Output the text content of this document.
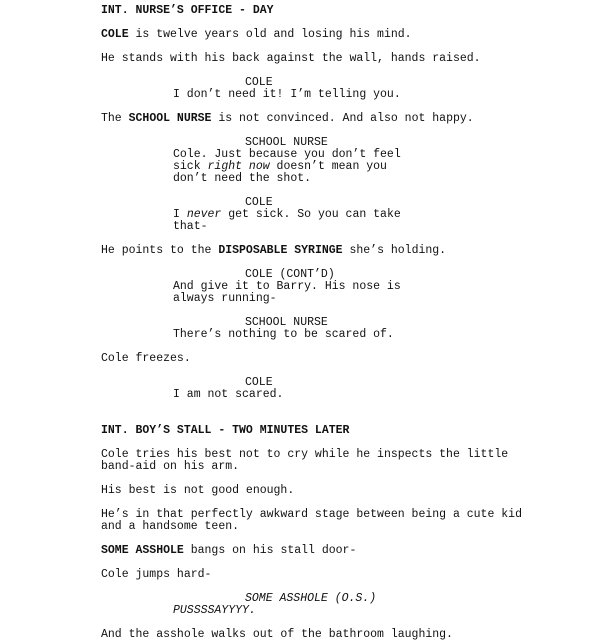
INT. NURSE’S OFFICE - DAY
COLE is twelve years old and losing his mind.
He stands with his back against the wall, hands raised.
COLE
I don’t need it! I’m telling you.
The SCHOOL NURSE is not convinced. And also not happy.
SCHOOL NURSE
Cole. Just because you don’t feel
sick right now doesn’t mean you
don’t need the shot.
COLE
I never get sick. So you can take
that-
He points to the DISPOSABLE SYRINGE she’s holding.
COLE (CONT’D)
And give it to Barry. His nose is
always running-
SCHOOL NURSE
There’s nothing to be scared of.
Cole freezes.
COLE
I am not scared.
INT. BOY’S STALL - TWO MINUTES LATER
Cole tries his best not to cry while he inspects the little
band-aid on his arm.
His best is not good enough.
He’s in that perfectly awkward stage between being a cute kid
and a handsome teen.
SOME ASSHOLE bangs on his stall door-
Cole jumps hard-
SOME ASSHOLE (O.S.)
PUSSSSAYYYY.
And the asshole walks out of the bathroom laughing.
